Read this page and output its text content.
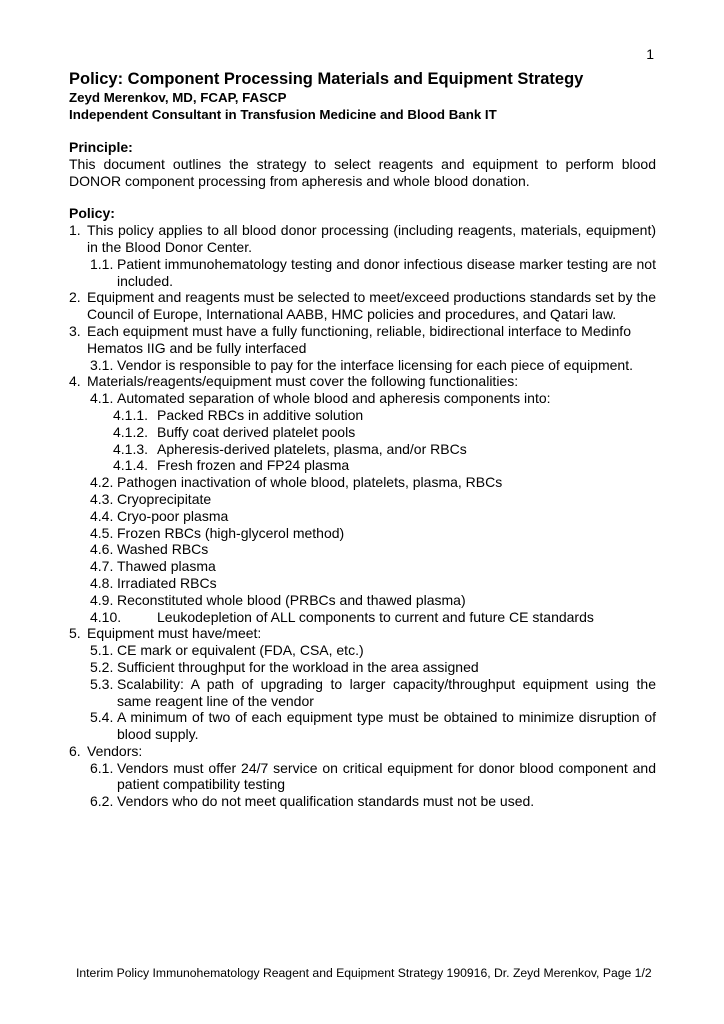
1
Policy: Component Processing Materials and Equipment Strategy
Zeyd Merenkov, MD, FCAP, FASCP
Independent Consultant in Transfusion Medicine and Blood Bank IT
Principle:
This document outlines the strategy to select reagents and equipment to perform blood DONOR component processing from apheresis and whole blood donation.
Policy:
1. This policy applies to all blood donor processing (including reagents, materials, equipment) in the Blood Donor Center.
1.1. Patient immunohematology testing and donor infectious disease marker testing are not included.
2. Equipment and reagents must be selected to meet/exceed productions standards set by the Council of Europe, International AABB, HMC policies and procedures, and Qatari law.
3. Each equipment must have a fully functioning, reliable, bidirectional interface to Medinfo Hematos IIG and be fully interfaced
3.1. Vendor is responsible to pay for the interface licensing for each piece of equipment.
4. Materials/reagents/equipment must cover the following functionalities:
4.1. Automated separation of whole blood and apheresis components into:
4.1.1. Packed RBCs in additive solution
4.1.2. Buffy coat derived platelet pools
4.1.3. Apheresis-derived platelets, plasma, and/or RBCs
4.1.4. Fresh frozen and FP24 plasma
4.2. Pathogen inactivation of whole blood, platelets, plasma, RBCs
4.3. Cryoprecipitate
4.4. Cryo-poor plasma
4.5. Frozen RBCs (high-glycerol method)
4.6. Washed RBCs
4.7. Thawed plasma
4.8. Irradiated RBCs
4.9. Reconstituted whole blood (PRBCs and thawed plasma)
4.10.	Leukodepletion of ALL components to current and future CE standards
5. Equipment must have/meet:
5.1. CE mark or equivalent (FDA, CSA, etc.)
5.2. Sufficient throughput for the workload in the area assigned
5.3. Scalability: A path of upgrading to larger capacity/throughput equipment using the same reagent line of the vendor
5.4. A minimum of two of each equipment type must be obtained to minimize disruption of blood supply.
6. Vendors:
6.1. Vendors must offer 24/7 service on critical equipment for donor blood component and patient compatibility testing
6.2. Vendors who do not meet qualification standards must not be used.
Interim Policy Immunohematology Reagent and Equipment Strategy 190916, Dr. Zeyd Merenkov, Page 1/2
